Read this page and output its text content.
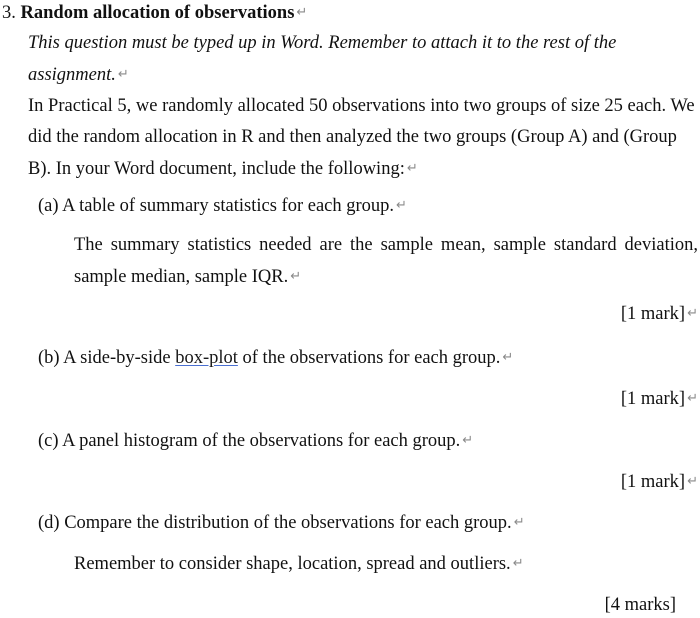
3. Random allocation of observations ↵
This question must be typed up in Word. Remember to attach it to the rest of the assignment. ↵
In Practical 5, we randomly allocated 50 observations into two groups of size 25 each. We did the random allocation in R and then analyzed the two groups (Group A) and (Group B). In your Word document, include the following: ↵
(a) A table of summary statistics for each group. ↵
The summary statistics needed are the sample mean, sample standard deviation, sample median, sample IQR. ↵
[1 mark] ↵
(b) A side-by-side box-plot of the observations for each group. ↵
[1 mark] ↵
(c) A panel histogram of the observations for each group. ↵
[1 mark] ↵
(d) Compare the distribution of the observations for each group. ↵
Remember to consider shape, location, spread and outliers. ↵
[4 marks]
